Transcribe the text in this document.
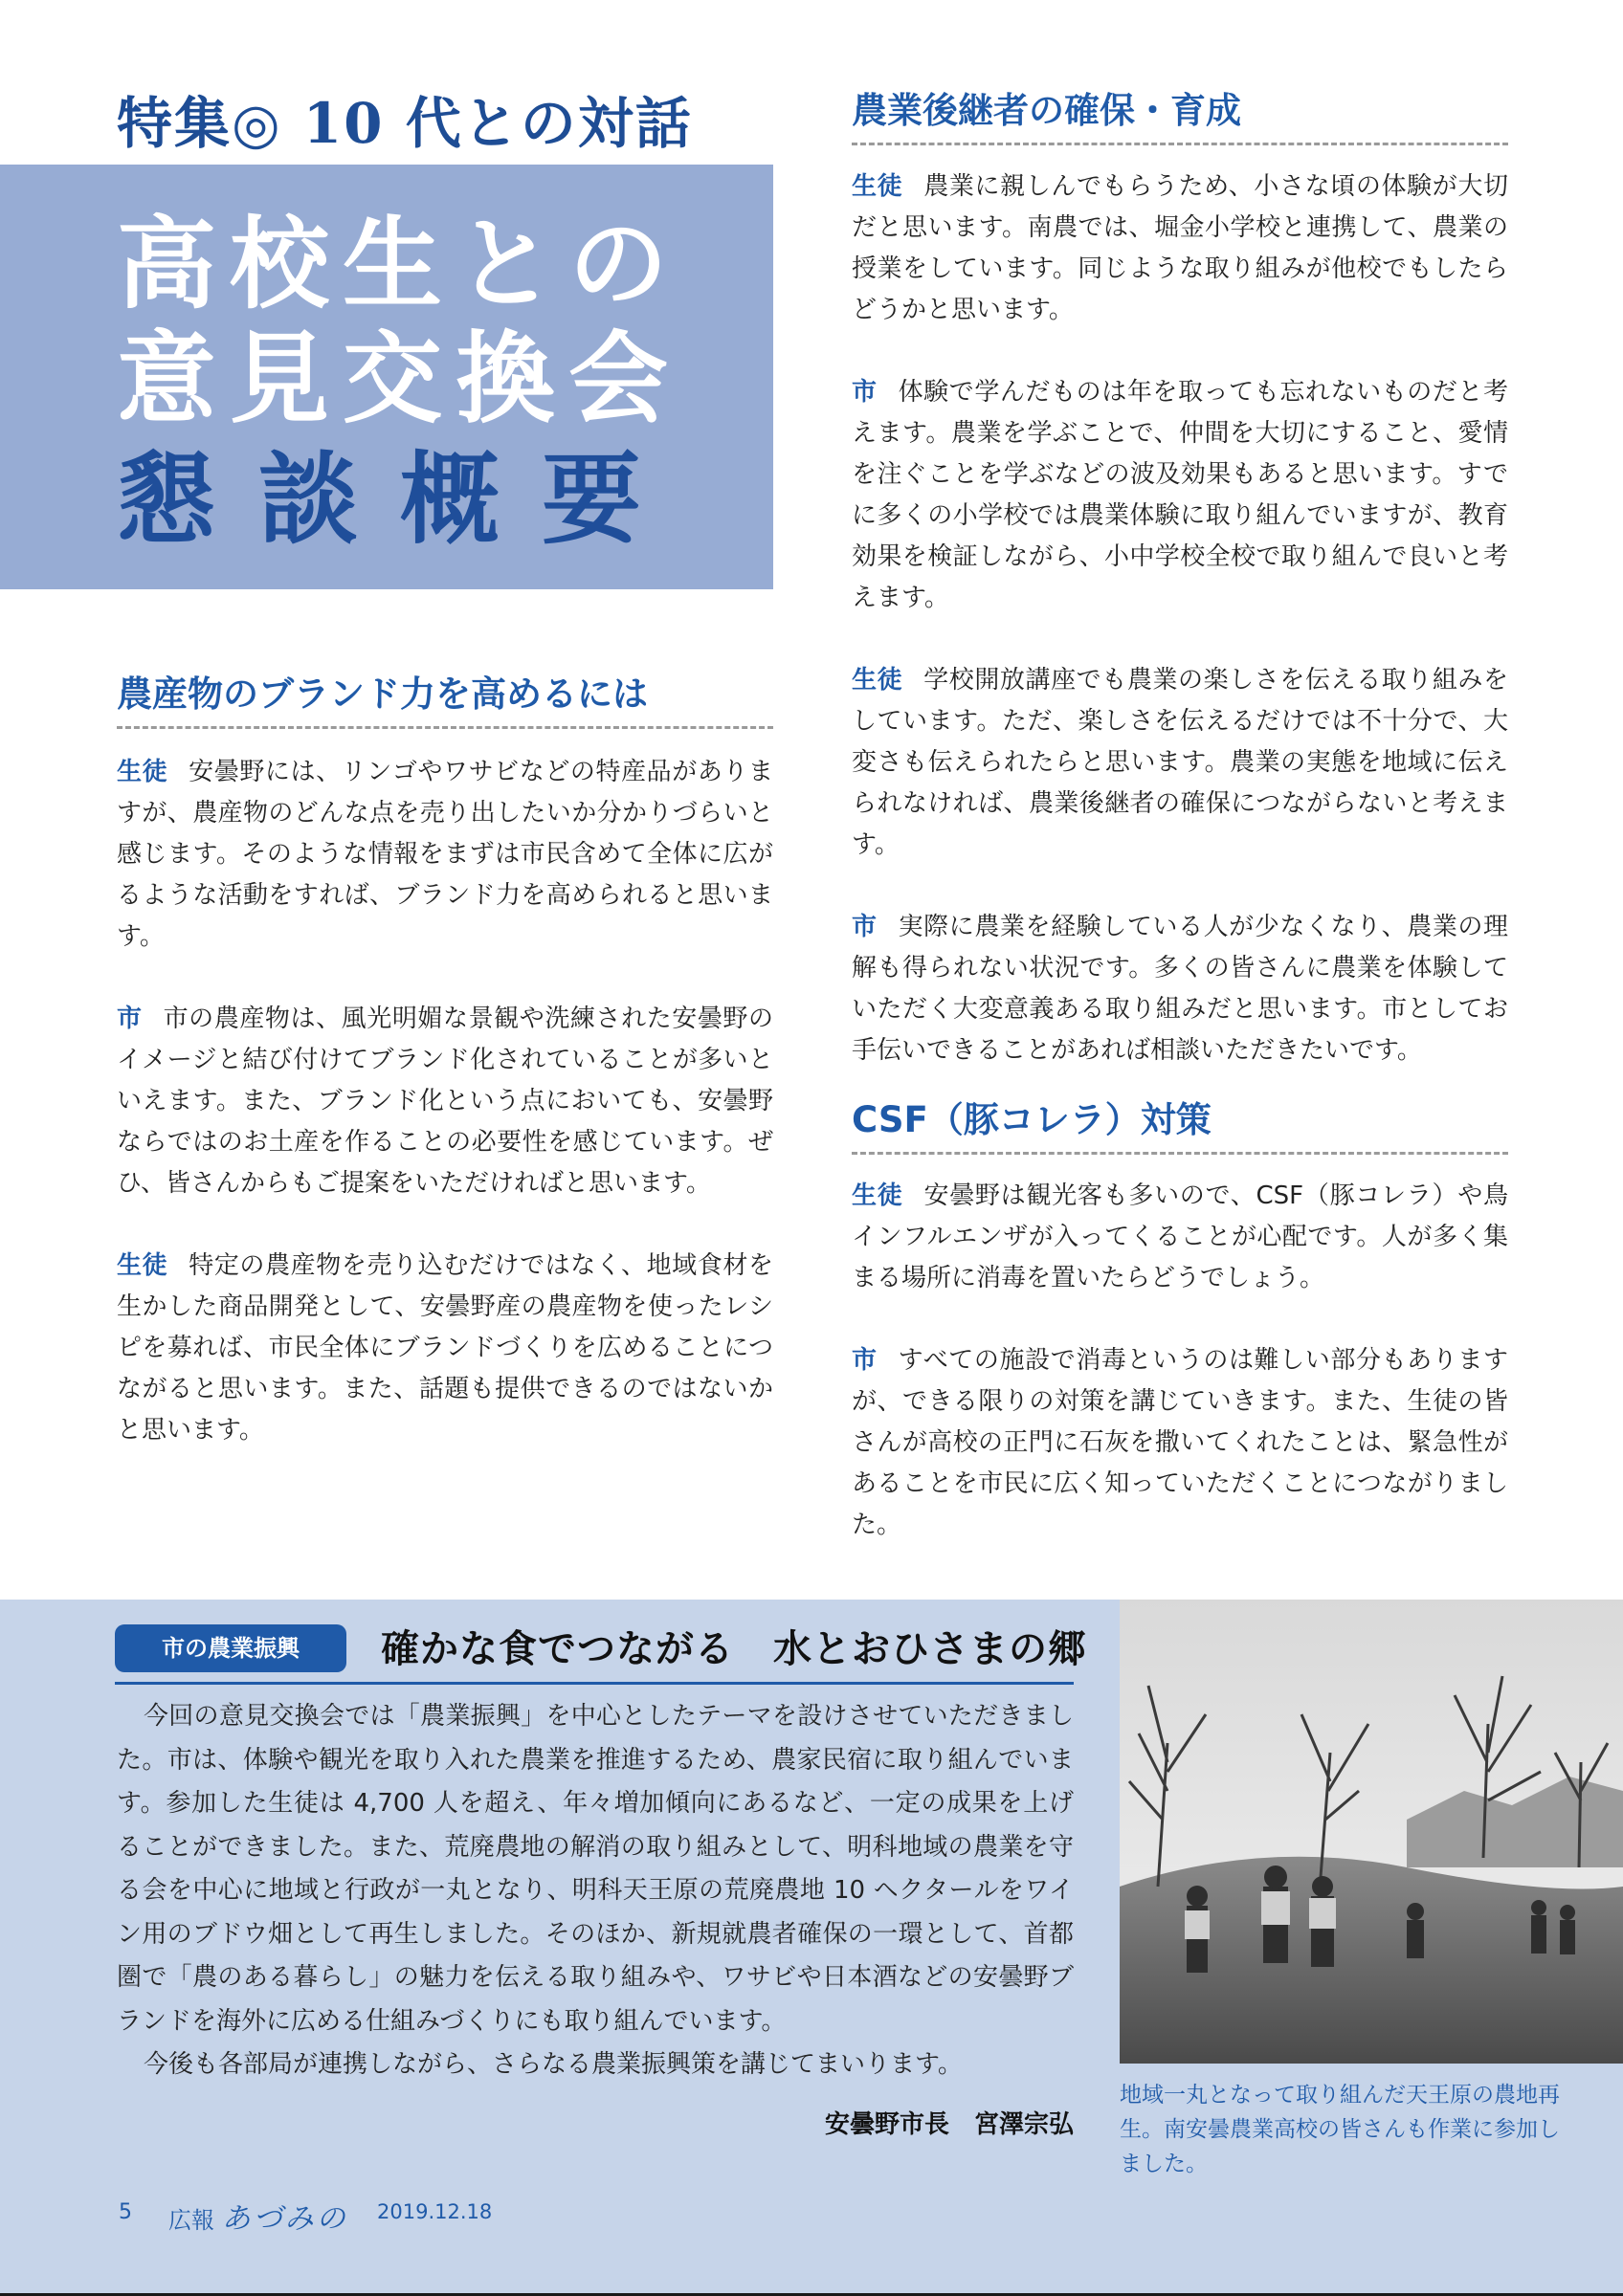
特集◎ 10 代との対話
高校生との
意見交換会
懇談概要
農産物のブランド力を高めるには

生徒 安曇野には、リンゴやワサビなどの特産品がありますが、農産物のどんな点を売り出したいか分かりづらいと感じます。そのような情報をまずは市民含めて全体に広がるような活動をすれば、ブランド力を高められると思います。

市 市の農産物は、風光明媚な景観や洗練された安曇野のイメージと結び付けてブランド化されていることが多いといえます。また、ブランド化という点においても、安曇野ならではのお土産を作ることの必要性を感じています。ぜひ、皆さんからもご提案をいただければと思います。

生徒 特定の農産物を売り込むだけではなく、地域食材を生かした商品開発として、安曇野産の農産物を使ったレシピを募れば、市民全体にブランドづくりを広めることにつながると思います。また、話題も提供できるのではないかと思います。

農業後継者の確保・育成

生徒 農業に親しんでもらうため、小さな頃の体験が大切だと思います。南農では、堀金小学校と連携して、農業の授業をしています。同じような取り組みが他校でもしたらどうかと思います。

市 体験で学んだものは年を取っても忘れないものだと考えます。農業を学ぶことで、仲間を大切にすること、愛情を注ぐことを学ぶなどの波及効果もあると思います。すでに多くの小学校では農業体験に取り組んでいますが、教育効果を検証しながら、小中学校全校で取り組んで良いと考えます。

生徒 学校開放講座でも農業の楽しさを伝える取り組みをしています。ただ、楽しさを伝えるだけでは不十分で、大変さも伝えられたらと思います。農業の実態を地域に伝えられなければ、農業後継者の確保につながらないと考えます。

市 実際に農業を経験している人が少なくなり、農業の理解も得られない状況です。多くの皆さんに農業を体験していただく大変意義ある取り組みだと思います。市としてお手伝いできることがあれば相談いただきたいです。

CSF（豚コレラ）対策

生徒 安曇野は観光客も多いので、CSF（豚コレラ）や鳥インフルエンザが入ってくることが心配です。人が多く集まる場所に消毒を置いたらどうでしょう。

市 すべての施設で消毒というのは難しい部分もありますが、できる限りの対策を講じていきます。また、生徒の皆さんが高校の正門に石灰を撒いてくれたことは、緊急性があることを市民に広く知っていただくことにつながりました。

市の農業振興	確かな食でつながる　水とおひさまの郷

今回の意見交換会では「農業振興」を中心としたテーマを設けさせていただきました。市は、体験や観光を取り入れた農業を推進するため、農家民宿に取り組んでいます。参加した生徒は 4,700 人を超え、年々増加傾向にあるなど、一定の成果を上げることができました。また、荒廃農地の解消の取り組みとして、明科地域の農業を守る会を中心に地域と行政が一丸となり、明科天王原の荒廃農地 10 ヘクタールをワイン用のブドウ畑として再生しました。そのほか、新規就農者確保の一環として、首都圏で「農のある暮らし」の魅力を伝える取り組みや、ワサビや日本酒などの安曇野ブランドを海外に広める仕組みづくりにも取り組んでいます。

今後も各部局が連携しながら、さらなる農業振興策を講じてまいります。

安曇野市長　宮澤宗弘
地域一丸となって取り組んだ天王原の農地再生。南安曇農業高校の皆さんも作業に参加しました。
5 広報 あづみの 2019.12.18
